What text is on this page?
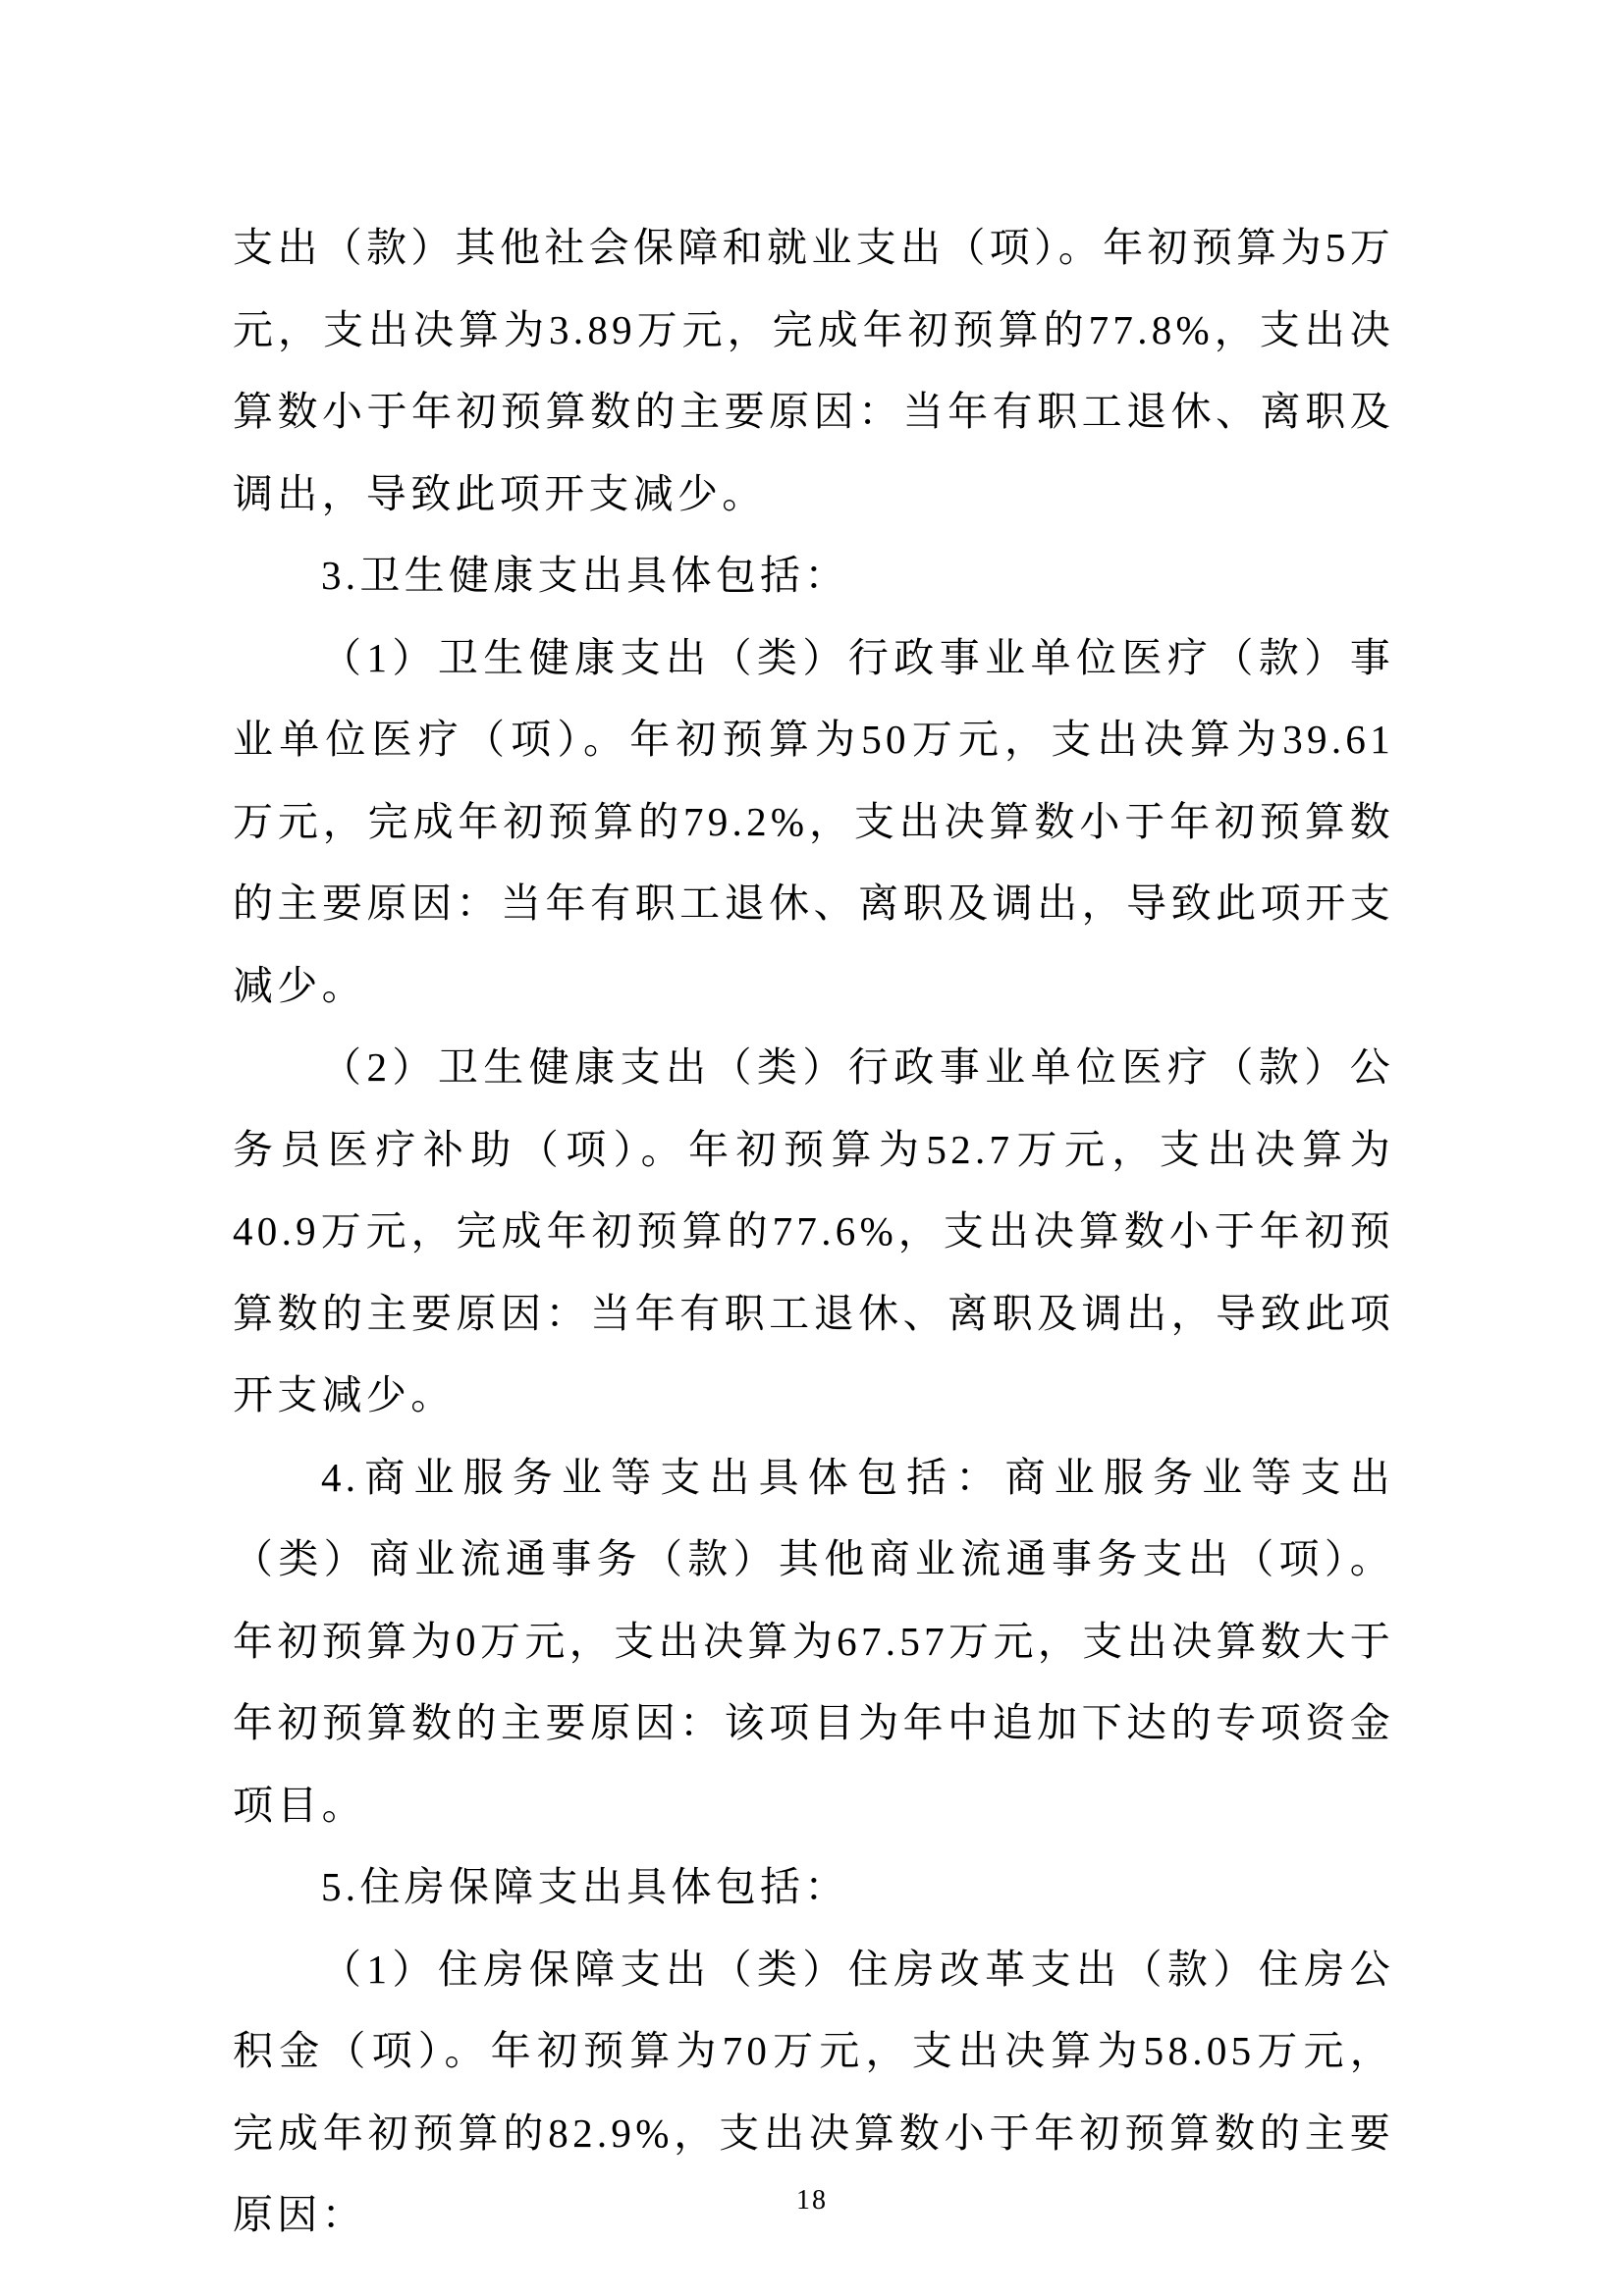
支出（款）其他社会保障和就业支出（项）。年初预算为5万元，支出决算为3.89万元，完成年初预算的77.8%，支出决算数小于年初预算数的主要原因：当年有职工退休、离职及调出，导致此项开支减少。

3.卫生健康支出具体包括：

（1）卫生健康支出（类）行政事业单位医疗（款）事业单位医疗（项）。年初预算为50万元，支出决算为39.61万元，完成年初预算的79.2%，支出决算数小于年初预算数的主要原因：当年有职工退休、离职及调出，导致此项开支减少。

（2）卫生健康支出（类）行政事业单位医疗（款）公务员医疗补助（项）。年初预算为52.7万元，支出决算为40.9万元，完成年初预算的77.6%，支出决算数小于年初预算数的主要原因：当年有职工退休、离职及调出，导致此项开支减少。

4.商业服务业等支出具体包括：商业服务业等支出（类）商业流通事务（款）其他商业流通事务支出（项）。年初预算为0万元，支出决算为67.57万元，支出决算数大于年初预算数的主要原因：该项目为年中追加下达的专项资金项目。

5.住房保障支出具体包括：

（1）住房保障支出（类）住房改革支出（款）住房公积金（项）。年初预算为70万元，支出决算为58.05万元，完成年初预算的82.9%，支出决算数小于年初预算数的主要原因：	18
